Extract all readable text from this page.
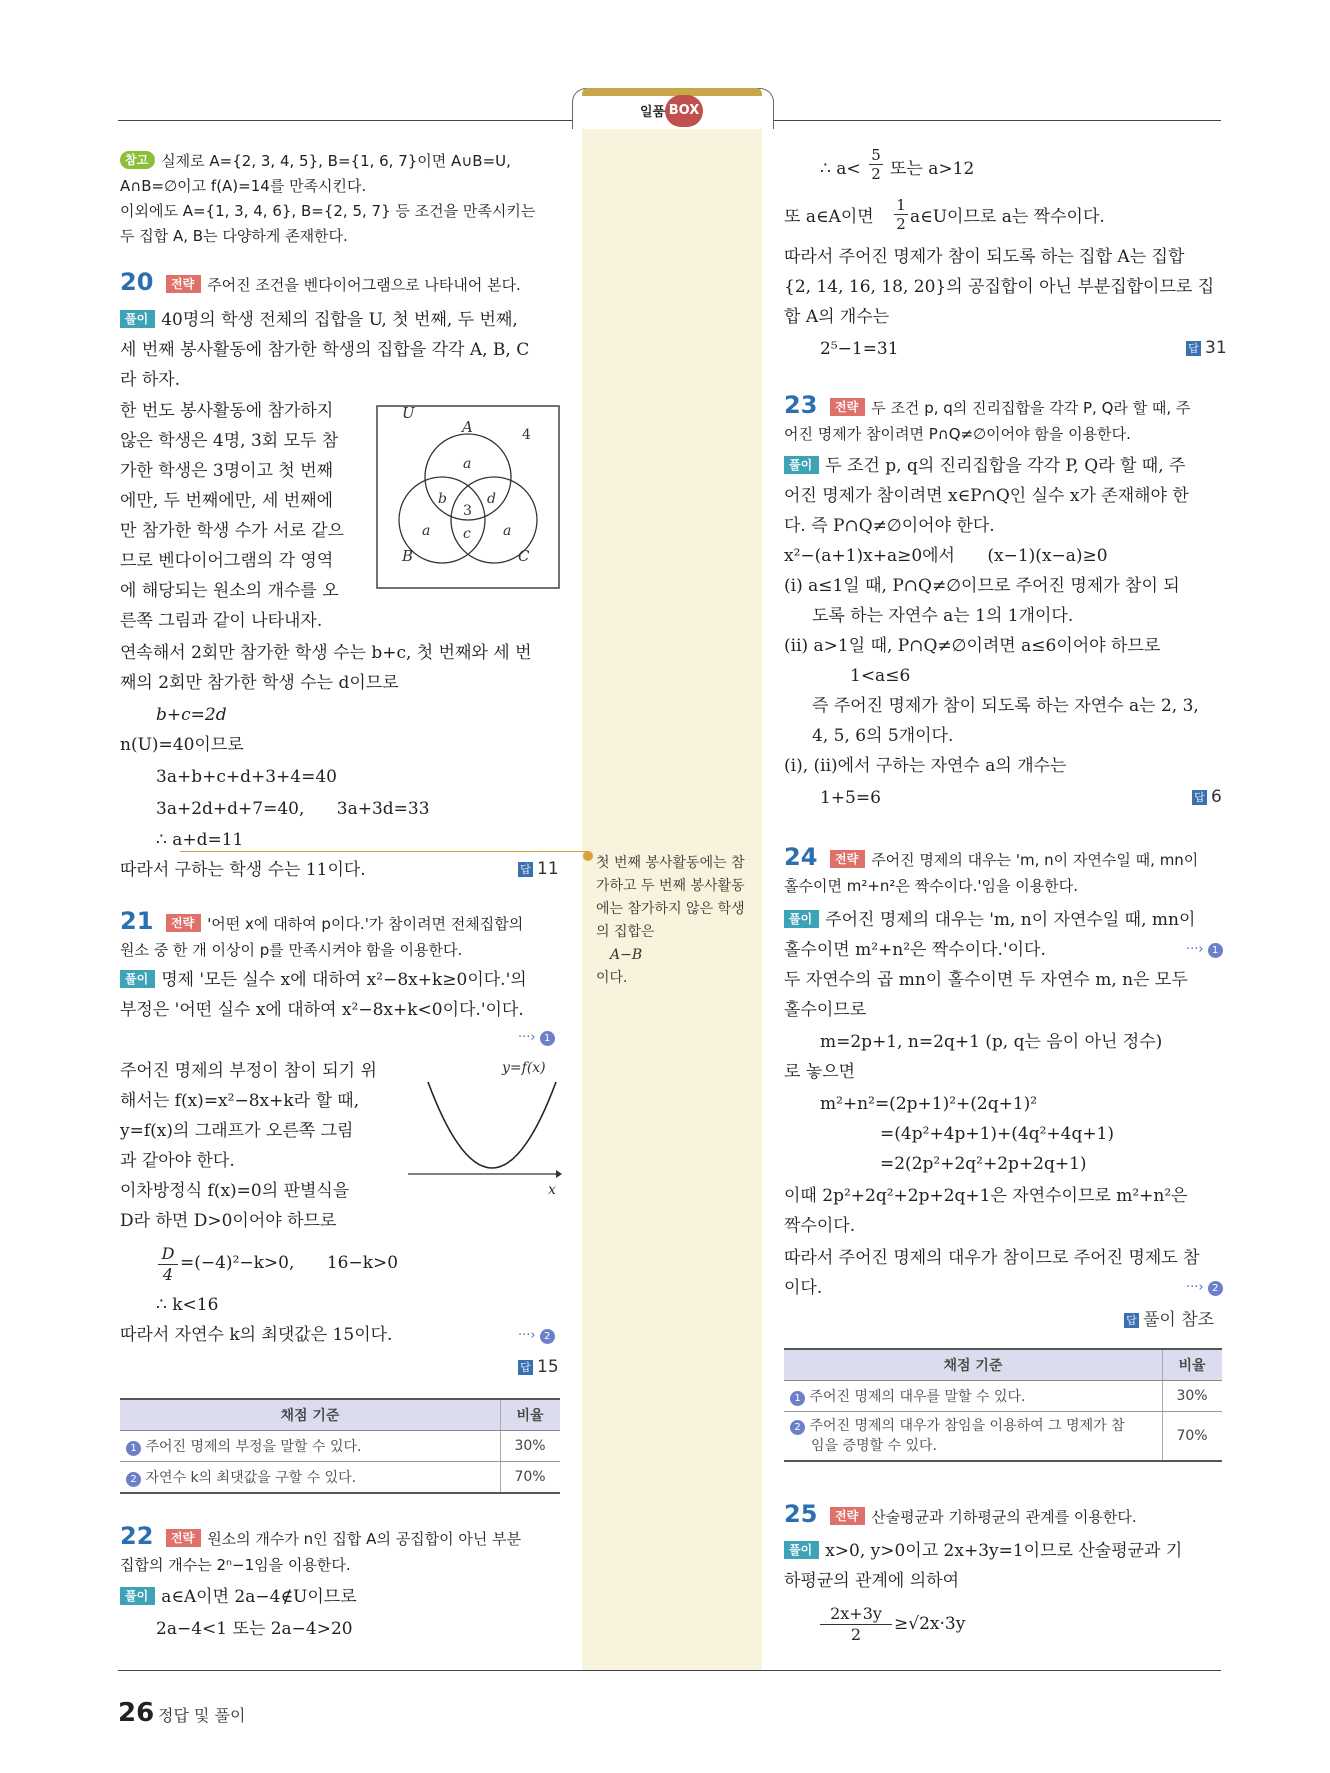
일품 BOX
참고 실제로 A={2, 3, 4, 5}, B={1, 6, 7}이면 A∪B=U,
A∩B=∅이고 f(A)=14를 만족시킨다.
이외에도 A={1, 3, 4, 6}, B={2, 5, 7} 등 조건을 만족시키는
두 집합 A, B는 다양하게 존재한다.
20	전략 주어진 조건을 벤다이어그램으로 나타내어 본다.
풀이 40명의 학생 전체의 집합을 U, 첫 번째, 두 번째,
세 번째 봉사활동에 참가한 학생의 집합을 각각 A, B, C
라 하자.
한 번도 봉사활동에 참가하지
않은 학생은 4명, 3회 모두 참
가한 학생은 3명이고 첫 번째
에만, 두 번째에만, 세 번째에
만 참가한 학생 수가 서로 같으
므로 벤다이어그램의 각 영역
에 해당되는 원소의 개수를 오
른쪽 그림과 같이 나타내자.
연속해서 2회만 참가한 학생 수는 b+c, 첫 번째와 세 번
째의 2회만 참가한 학생 수는 d이므로
b+c=2d
n(U)=40이므로
3a+b+c+d+3+4=40
3a+2d+d+7=40,      3a+3d=33
∴ a+d=11
따라서 구하는 학생 수는 11이다.	답 11
U
A
B	C
4
a
b	d
3
a c a
21	전략 '어떤 x에 대하여 p이다.'가 참이려면 전체집합의
원소 중 한 개 이상이 p를 만족시켜야 함을 이용한다.
풀이 명제 '모든 실수 x에 대하여 x²−8x+k≥0이다.'의
부정은 '어떤 실수 x에 대하여 x²−8x+k<0이다.'이다.
···› 1
주어진 명제의 부정이 참이 되기 위
해서는 f(x)=x²−8x+k라 할 때,
y=f(x)의 그래프가 오른쪽 그림
과 같아야 한다.
이차방정식 f(x)=0의 판별식을
D라 하면 D>0이어야 하므로
D
4
=(−4)²−k>0,      16−k>0
∴ k<16
따라서 자연수 k의 최댓값은 15이다.	···› 2
답 15
y=f(x)
x
채점 기준	비율
1 주어진 명제의 부정을 말할 수 있다.	30%
2 자연수 k의 최댓값을 구할 수 있다.	70%
22	전략 원소의 개수가 n인 집합 A의 공집합이 아닌 부분
집합의 개수는 2ⁿ−1임을 이용한다.
풀이 a∈A이면 2a−4∉U이므로
2a−4<1 또는 2a−4>20
첫 번째 봉사활동에는 참
가하고 두 번째 봉사활동
에는 참가하지 않은 학생
의 집합은
A−B
이다.
∴ a<
5
2 또는 a>12
또 a∈A이면
1
2 a∈U이므로 a는 짝수이다.
따라서 주어진 명제가 참이 되도록 하는 집합 A는 집합
{2, 14, 16, 18, 20}의 공집합이 아닌 부분집합이므로 집
합 A의 개수는
2⁵−1=31	답 31
23	전략 두 조건 p, q의 진리집합을 각각 P, Q라 할 때, 주
어진 명제가 참이려면 P∩Q≠∅이어야 함을 이용한다.
풀이 두 조건 p, q의 진리집합을 각각 P, Q라 할 때, 주
어진 명제가 참이려면 x∈P∩Q인 실수 x가 존재해야 한
다. 즉 P∩Q≠∅이어야 한다.
x²−(a+1)x+a≥0에서      (x−1)(x−a)≥0
(i) a≤1일 때, P∩Q≠∅이므로 주어진 명제가 참이 되
도록 하는 자연수 a는 1의 1개이다.
(ii) a>1일 때, P∩Q≠∅이려면 a≤6이어야 하므로
1<a≤6
즉 주어진 명제가 참이 되도록 하는 자연수 a는 2, 3,
4, 5, 6의 5개이다.
(i), (ii)에서 구하는 자연수 a의 개수는
1+5=6	답 6
24	전략 주어진 명제의 대우는 'm, n이 자연수일 때, mn이
홀수이면 m²+n²은 짝수이다.'임을 이용한다.
풀이 주어진 명제의 대우는 'm, n이 자연수일 때, mn이
홀수이면 m²+n²은 짝수이다.'이다.	···› 1
두 자연수의 곱 mn이 홀수이면 두 자연수 m, n은 모두
홀수이므로
m=2p+1, n=2q+1 (p, q는 음이 아닌 정수)
로 놓으면
m²+n²=(2p+1)²+(2q+1)²
=(4p²+4p+1)+(4q²+4q+1)
=2(2p²+2q²+2p+2q+1)
이때 2p²+2q²+2p+2q+1은 자연수이므로 m²+n²은
짝수이다.
따라서 주어진 명제의 대우가 참이므로 주어진 명제도 참
이다.	···› 2
답 풀이 참조
채점 기준	비율
1 주어진 명제의 대우를 말할 수 있다.	30%
2 주어진 명제의 대우가 참임을 이용하여 그 명제가 참
임을 증명할 수 있다.	70%
25	전략 산술평균과 기하평균의 관계를 이용한다.
풀이 x>0, y>0이고 2x+3y=1이므로 산술평균과 기
하평균의 관계에 의하여
2x+3y
2
≥√2x·3y
26 정답 및 풀이
